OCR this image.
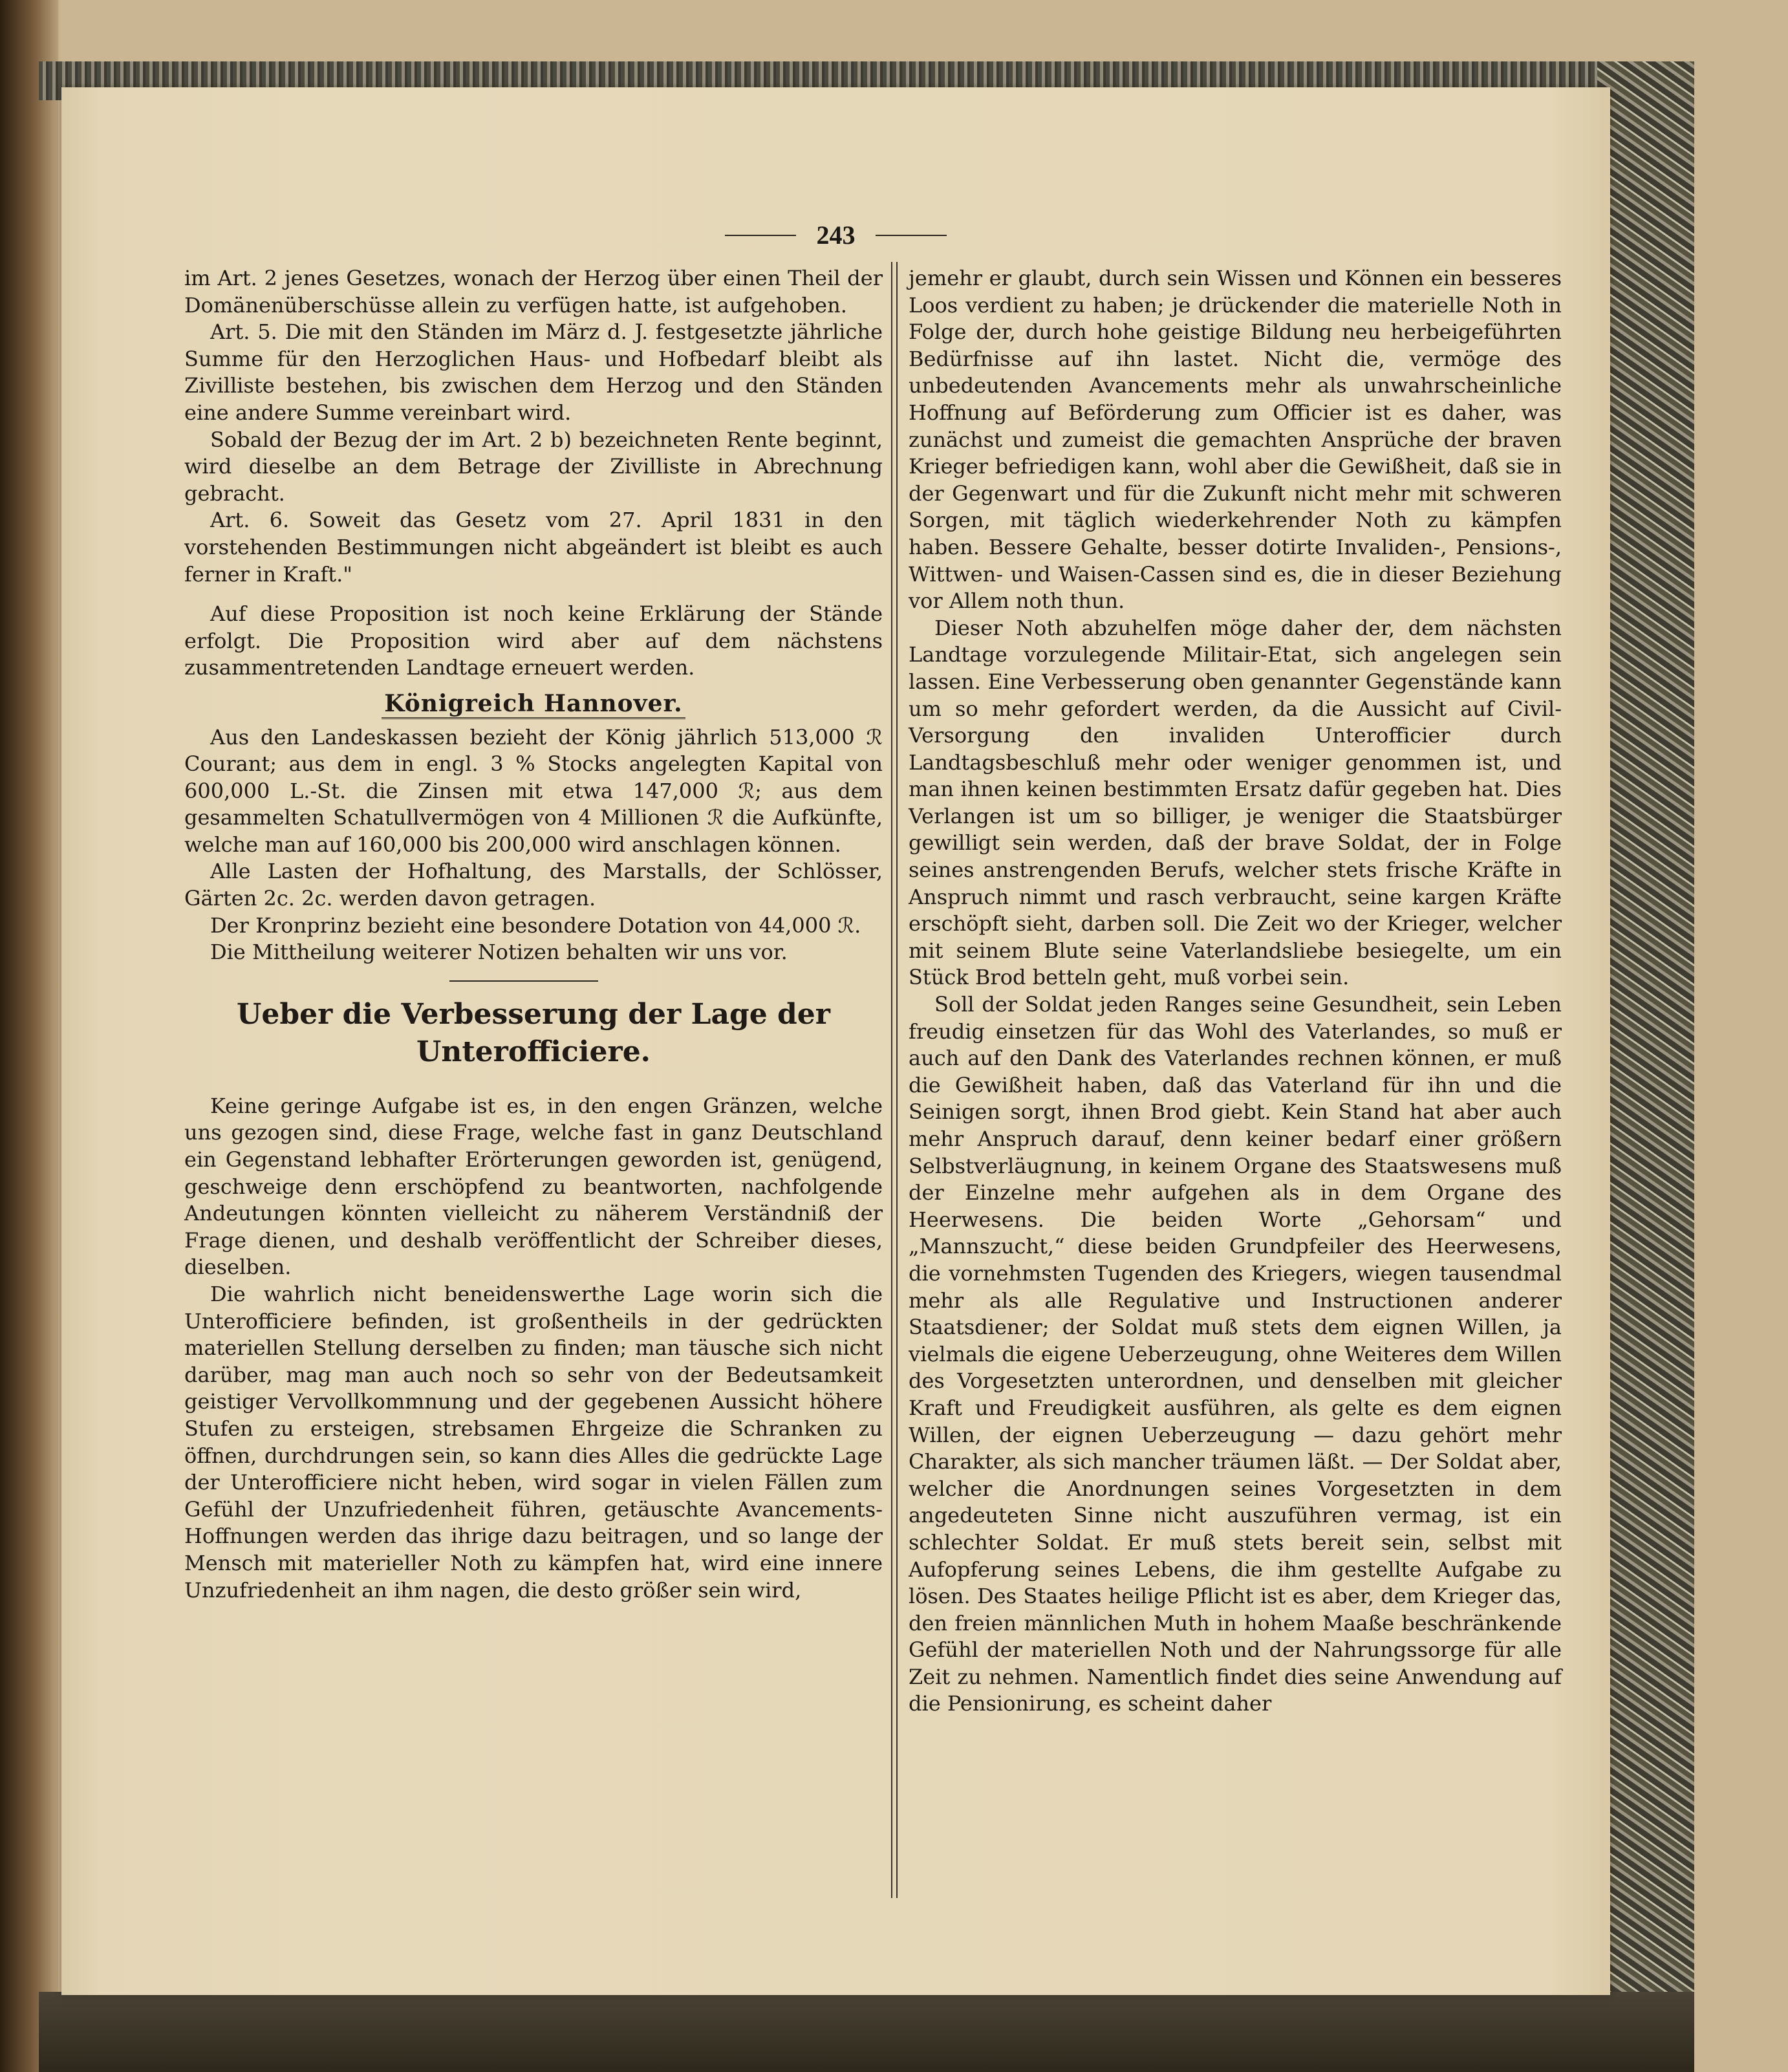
243

im Art. 2 jenes Gesetzes, wonach der Herzog über einen Theil der Domänenüberschüsse allein zu verfügen hatte, ist aufgehoben.

Art. 5. Die mit den Ständen im März d. J. festgesetzte jährliche Summe für den Herzoglichen Haus- und Hofbedarf bleibt als Zivilliste bestehen, bis zwischen dem Herzog und den Ständen eine andere Summe vereinbart wird.

Sobald der Bezug der im Art. 2 b) bezeichneten Rente beginnt, wird dieselbe an dem Betrage der Zivilliste in Abrechnung gebracht.

Art. 6. Soweit das Gesetz vom 27. April 1831 in den vorstehenden Bestimmungen nicht abgeändert ist bleibt es auch ferner in Kraft."

Auf diese Proposition ist noch keine Erklärung der Stände erfolgt. Die Proposition wird aber auf dem nächstens zusammentretenden Landtage erneuert werden.

Königreich Hannover.

Aus den Landeskassen bezieht der König jährlich 513,000 ℛ Courant; aus dem in engl. 3 % Stocks angelegten Kapital von 600,000 L.-St. die Zinsen mit etwa 147,000 ℛ; aus dem gesammelten Schatullvermögen von 4 Millionen ℛ die Aufkünfte, welche man auf 160,000 bis 200,000 wird anschlagen können.

Alle Lasten der Hofhaltung, des Marstalls, der Schlösser, Gärten 2c. 2c. werden davon getragen.

Der Kronprinz bezieht eine besondere Dotation von 44,000 ℛ.

Die Mittheilung weiterer Notizen behalten wir uns vor.

Ueber die Verbesserung der Lage der
Unterofficiere.

Keine geringe Aufgabe ist es, in den engen Gränzen, welche uns gezogen sind, diese Frage, welche fast in ganz Deutschland ein Gegenstand lebhafter Erörterungen geworden ist, genügend, geschweige denn erschöpfend zu beantworten, nachfolgende Andeutungen könnten vielleicht zu näherem Verständniß der Frage dienen, und deshalb veröffentlicht der Schreiber dieses, dieselben.

Die wahrlich nicht beneidenswerthe Lage worin sich die Unterofficiere befinden, ist großentheils in der gedrückten materiellen Stellung derselben zu finden; man täusche sich nicht darüber, mag man auch noch so sehr von der Bedeutsamkeit geistiger Vervollkommnung und der gegebenen Aussicht höhere Stufen zu ersteigen, strebsamen Ehrgeize die Schranken zu öffnen, durchdrungen sein, so kann dies Alles die gedrückte Lage der Unterofficiere nicht heben, wird sogar in vielen Fällen zum Gefühl der Unzufriedenheit führen, getäuschte Avancements-Hoffnungen werden das ihrige dazu beitragen, und so lange der Mensch mit materieller Noth zu kämpfen hat, wird eine innere Unzufriedenheit an ihm nagen, die desto größer sein wird,

jemehr er glaubt, durch sein Wissen und Können ein besseres Loos verdient zu haben; je drückender die materielle Noth in Folge der, durch hohe geistige Bildung neu herbeigeführten Bedürfnisse auf ihn lastet. Nicht die, vermöge des unbedeutenden Avancements mehr als unwahrscheinliche Hoffnung auf Beförderung zum Officier ist es daher, was zunächst und zumeist die gemachten Ansprüche der braven Krieger befriedigen kann, wohl aber die Gewißheit, daß sie in der Gegenwart und für die Zukunft nicht mehr mit schweren Sorgen, mit täglich wiederkehrender Noth zu kämpfen haben. Bessere Gehalte, besser dotirte Invaliden-, Pensions-, Wittwen- und Waisen-Cassen sind es, die in dieser Beziehung vor Allem noth thun.

Dieser Noth abzuhelfen möge daher der, dem nächsten Landtage vorzulegende Militair-Etat, sich angelegen sein lassen. Eine Verbesserung oben genannter Gegenstände kann um so mehr gefordert werden, da die Aussicht auf Civil-Versorgung den invaliden Unterofficier durch Landtagsbeschluß mehr oder weniger genommen ist, und man ihnen keinen bestimmten Ersatz dafür gegeben hat. Dies Verlangen ist um so billiger, je weniger die Staatsbürger gewilligt sein werden, daß der brave Soldat, der in Folge seines anstrengenden Berufs, welcher stets frische Kräfte in Anspruch nimmt und rasch verbraucht, seine kargen Kräfte erschöpft sieht, darben soll. Die Zeit wo der Krieger, welcher mit seinem Blute seine Vaterlandsliebe besiegelte, um ein Stück Brod betteln geht, muß vorbei sein.

Soll der Soldat jeden Ranges seine Gesundheit, sein Leben freudig einsetzen für das Wohl des Vaterlandes, so muß er auch auf den Dank des Vaterlandes rechnen können, er muß die Gewißheit haben, daß das Vaterland für ihn und die Seinigen sorgt, ihnen Brod giebt. Kein Stand hat aber auch mehr Anspruch darauf, denn keiner bedarf einer größern Selbstverläugnung, in keinem Organe des Staatswesens muß der Einzelne mehr aufgehen als in dem Organe des Heerwesens. Die beiden Worte „Gehorsam“ und „Mannszucht,“ diese beiden Grundpfeiler des Heerwesens, die vornehmsten Tugenden des Kriegers, wiegen tausendmal mehr als alle Regulative und Instructionen anderer Staatsdiener; der Soldat muß stets dem eignen Willen, ja vielmals die eigene Ueberzeugung, ohne Weiteres dem Willen des Vorgesetzten unterordnen, und denselben mit gleicher Kraft und Freudigkeit ausführen, als gelte es dem eignen Willen, der eignen Ueberzeugung — dazu gehört mehr Charakter, als sich mancher träumen läßt. — Der Soldat aber, welcher die Anordnungen seines Vorgesetzten in dem angedeuteten Sinne nicht auszuführen vermag, ist ein schlechter Soldat. Er muß stets bereit sein, selbst mit Aufopferung seines Lebens, die ihm gestellte Aufgabe zu lösen. Des Staates heilige Pflicht ist es aber, dem Krieger das, den freien männlichen Muth in hohem Maaße beschränkende Gefühl der materiellen Noth und der Nahrungssorge für alle Zeit zu nehmen. Namentlich findet dies seine Anwendung auf die Pensionirung, es scheint daher
